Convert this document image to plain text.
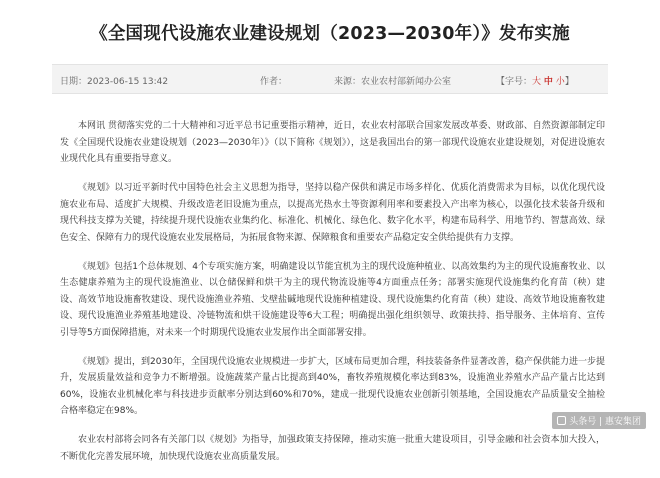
《全国现代设施农业建设规划（2023—2030年）》发布实施
日期：2023-06-15 13:42	作者：	来源：农业农村部新闻办公室	【字号：大 中 小】

本网讯 贯彻落实党的二十大精神和习近平总书记重要指示精神，近日，农业农村部联合国家发展改革委、财政部、自然资源部制定印发《全国现代设施农业建设规划（2023—2030年）》（以下简称《规划》），这是我国出台的第一部现代设施农业建设规划，对促进设施农业现代化具有重要指导意义。

《规划》以习近平新时代中国特色社会主义思想为指导，坚持以稳产保供和满足市场多样化、优质化消费需求为目标，以优化现代设施农业布局、适度扩大规模、升级改造老旧设施为重点，以提高光热水土等资源利用率和要素投入产出率为核心，以强化技术装备升级和现代科技支撑为关键，持续提升现代设施农业集约化、标准化、机械化、绿色化、数字化水平，构建布局科学、用地节约、智慧高效、绿色安全、保障有力的现代设施农业发展格局，为拓展食物来源、保障粮食和重要农产品稳定安全供给提供有力支撑。

《规划》包括1个总体规划、4个专项实施方案，明确建设以节能宜机为主的现代设施种植业、以高效集约为主的现代设施畜牧业、以生态健康养殖为主的现代设施渔业、以仓储保鲜和烘干为主的现代物流设施等4方面重点任务；部署实施现代设施集约化育苗（秧）建设、高效节地设施畜牧建设、现代设施渔业养殖、戈壁盐碱地现代设施种植建设、现代设施集约化育苗（秧）建设、高效节地设施畜牧建设、现代设施渔业养殖基地建设、冷链物流和烘干设施建设等6大工程；明确提出强化组织领导、政策扶持、指导服务、主体培育、宣传引导等5方面保障措施，对未来一个时期现代设施农业发展作出全面部署安排。

《规划》提出，到2030年，全国现代设施农业规模进一步扩大，区域布局更加合理，科技装备条件显著改善，稳产保供能力进一步提升，发展质量效益和竞争力不断增强。设施蔬菜产量占比提高到40%，畜牧养殖规模化率达到83%，设施渔业养殖水产品产量占比达到60%，设施农业机械化率与科技进步贡献率分别达到60%和70%，建成一批现代设施农业创新引领基地，全国设施农产品质量安全抽检合格率稳定在98%。

农业农村部将会同各有关部门以《规划》为指导，加强政策支持保障，推动实施一批重大建设项目，引导金融和社会资本加大投入，不断优化完善发展环境，加快现代设施农业高质量发展。

头条号 | 惠安集团
